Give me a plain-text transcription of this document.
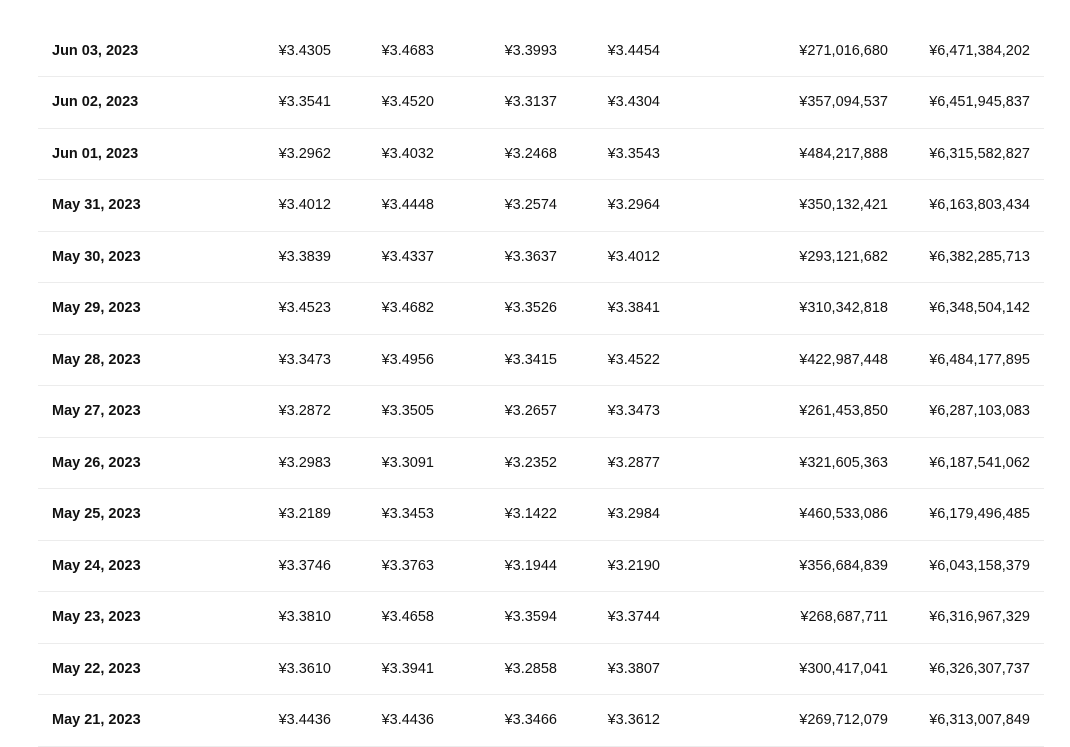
Jun 03, 2023	¥3.4305	¥3.4683	¥3.3993	¥3.4454	¥271,016,680	¥6,471,384,202
Jun 02, 2023	¥3.3541	¥3.4520	¥3.3137	¥3.4304	¥357,094,537	¥6,451,945,837
Jun 01, 2023	¥3.2962	¥3.4032	¥3.2468	¥3.3543	¥484,217,888	¥6,315,582,827
May 31, 2023	¥3.4012	¥3.4448	¥3.2574	¥3.2964	¥350,132,421	¥6,163,803,434
May 30, 2023	¥3.3839	¥3.4337	¥3.3637	¥3.4012	¥293,121,682	¥6,382,285,713
May 29, 2023	¥3.4523	¥3.4682	¥3.3526	¥3.3841	¥310,342,818	¥6,348,504,142
May 28, 2023	¥3.3473	¥3.4956	¥3.3415	¥3.4522	¥422,987,448	¥6,484,177,895
May 27, 2023	¥3.2872	¥3.3505	¥3.2657	¥3.3473	¥261,453,850	¥6,287,103,083
May 26, 2023	¥3.2983	¥3.3091	¥3.2352	¥3.2877	¥321,605,363	¥6,187,541,062
May 25, 2023	¥3.2189	¥3.3453	¥3.1422	¥3.2984	¥460,533,086	¥6,179,496,485
May 24, 2023	¥3.3746	¥3.3763	¥3.1944	¥3.2190	¥356,684,839	¥6,043,158,379
May 23, 2023	¥3.3810	¥3.4658	¥3.3594	¥3.3744	¥268,687,711	¥6,316,967,329
May 22, 2023	¥3.3610	¥3.3941	¥3.2858	¥3.3807	¥300,417,041	¥6,326,307,737
May 21, 2023	¥3.4436	¥3.4436	¥3.3466	¥3.3612	¥269,712,079	¥6,313,007,849
